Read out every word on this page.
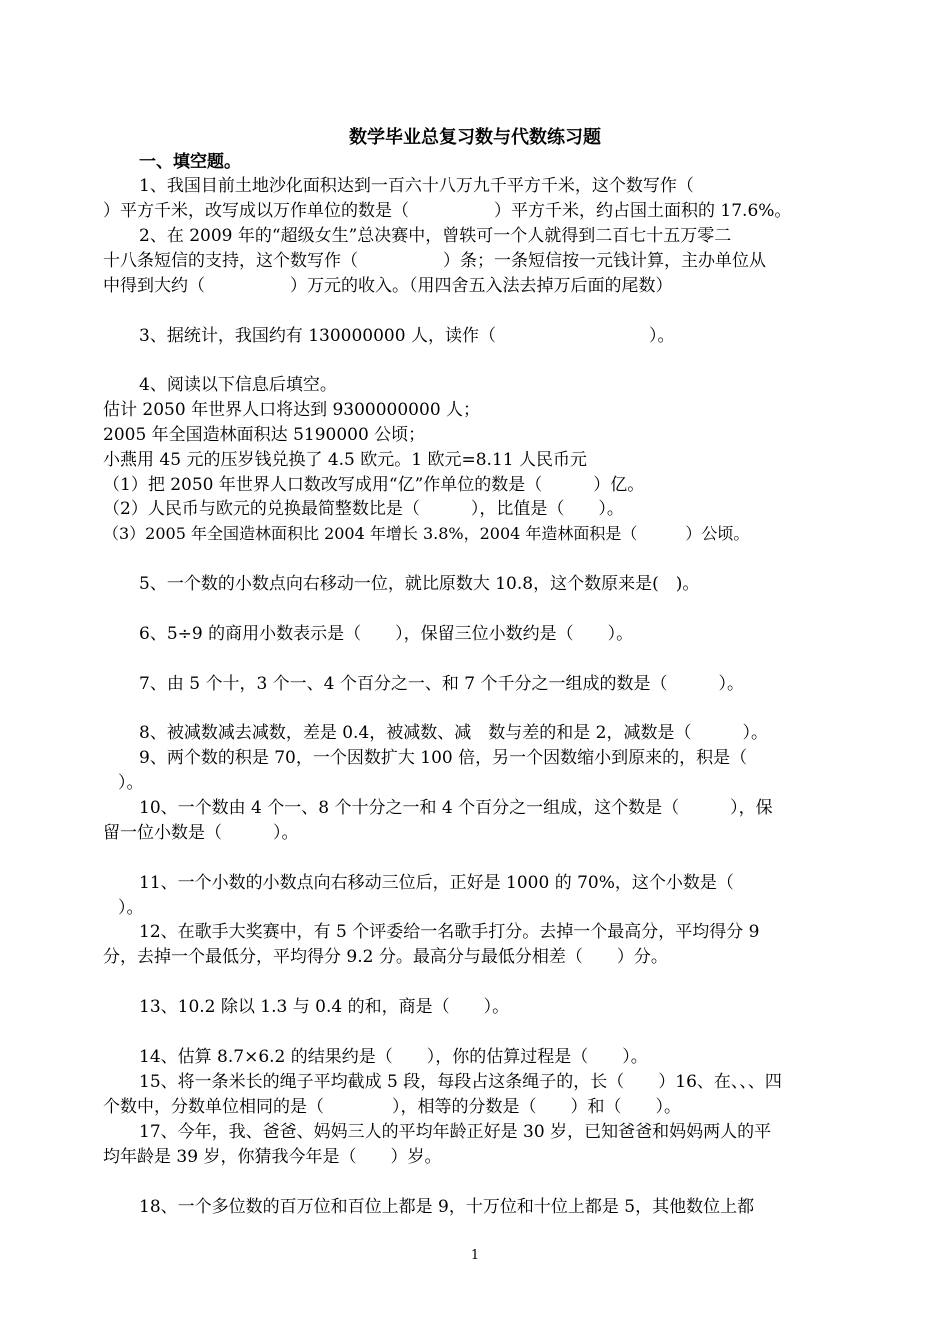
数学毕业总复习数与代数练习题
一、填空题。
1、我国目前土地沙化面积达到一百六十八万九千平方千米，这个数写作（
）平方千米，改写成以万作单位的数是（　　　　　）平方千米，约占国土面积的 17.6%。
2、在 2009 年的“超级女生”总决赛中，曾轶可一个人就得到二百七十五万零二
十八条短信的支持，这个数写作（　　　　　）条；一条短信按一元钱计算，主办单位从
中得到大约（　　　　　）万元的收入。（用四舍五入法去掉万后面的尾数）
3、据统计，我国约有 130000000 人，读作（　　　　　　　　　）。
4、阅读以下信息后填空。
估计 2050 年世界人口将达到 9300000000 人；
2005 年全国造林面积达 5190000 公顷；
小燕用 45 元的压岁钱兑换了 4.5 欧元。1 欧元=8.11 人民币元
（1）把 2050 年世界人口数改写成用“亿”作单位的数是（　　　）亿。
（2）人民币与欧元的兑换最简整数比是（　　　），比值是（　　）。
（3）2005 年全国造林面积比 2004 年增长 3.8%，2004 年造林面积是（　　　）公顷。
5、一个数的小数点向右移动一位，就比原数大 10.8，这个数原来是(　)。
6、5÷9 的商用小数表示是（　　），保留三位小数约是（　　）。
7、由 5 个十，3 个一、4 个百分之一、和 7 个千分之一组成的数是（　　　）。
8、被减数减去减数，差是 0.4，被减数、减　数与差的和是 2，减数是（　　　）。
9、两个数的积是 70，一个因数扩大 100 倍，另一个因数缩小到原来的，积是（
）。
10、一个数由 4 个一、8 个十分之一和 4 个百分之一组成，这个数是（　　　），保
留一位小数是（　　　）。
11、一个小数的小数点向右移动三位后，正好是 1000 的 70%，这个小数是（
）。
12、在歌手大奖赛中，有 5 个评委给一名歌手打分。去掉一个最高分，平均得分 9
分，去掉一个最低分，平均得分 9.2 分。最高分与最低分相差（　　）分。
13、10.2 除以 1.3 与 0.4 的和，商是（　　）。
14、估算 8.7×6.2 的结果约是（　　），你的估算过程是（　　）。
15、将一条米长的绳子平均截成 5 段，每段占这条绳子的，长（　　）16、在、、、四
个数中，分数单位相同的是（　　　　），相等的分数是（　　）和（　　）。
17、今年，我、爸爸、妈妈三人的平均年龄正好是 30 岁，已知爸爸和妈妈两人的平
均年龄是 39 岁，你猜我今年是（　　）岁。
18、一个多位数的百万位和百位上都是 9，十万位和十位上都是 5，其他数位上都
1
